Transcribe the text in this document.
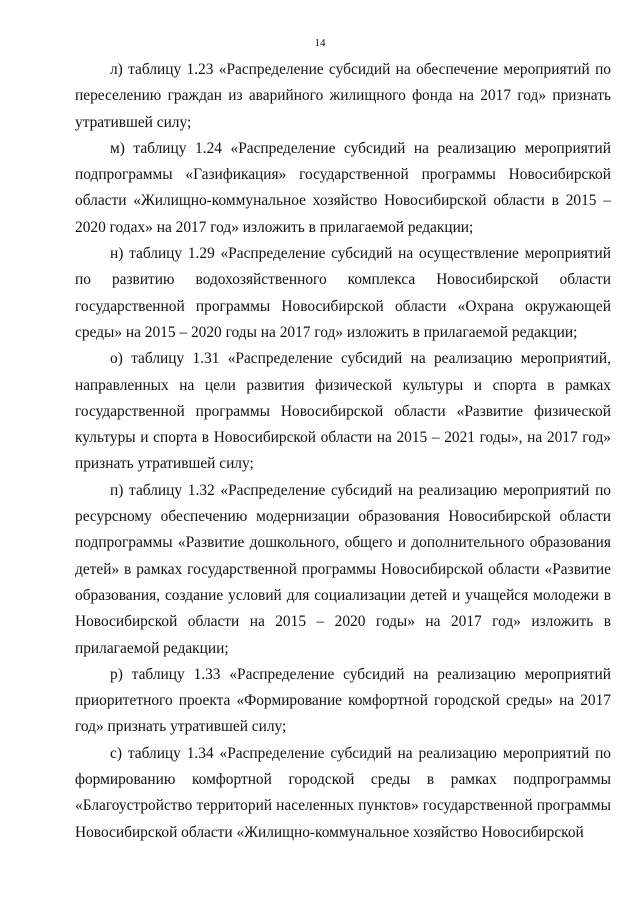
14

л) таблицу 1.23 «Распределение субсидий на обеспечение мероприятий по переселению граждан из аварийного жилищного фонда на 2017 год» признать утратившей силу;

м) таблицу 1.24 «Распределение субсидий на реализацию мероприятий подпрограммы «Газификация» государственной программы Новосибирской области «Жилищно-коммунальное хозяйство Новосибирской области в 2015 – 2020 годах» на 2017 год» изложить в прилагаемой редакции;

н) таблицу 1.29 «Распределение субсидий на осуществление мероприятий по развитию водохозяйственного комплекса Новосибирской области государственной программы Новосибирской области «Охрана окружающей среды» на 2015 – 2020 годы на 2017 год» изложить в прилагаемой редакции;

о) таблицу 1.31 «Распределение субсидий на реализацию мероприятий, направленных на цели развития физической культуры и спорта в рамках государственной программы Новосибирской области «Развитие физической культуры и спорта в Новосибирской области на 2015 – 2021 годы», на 2017 год» признать утратившей силу;

п) таблицу 1.32 «Распределение субсидий на реализацию мероприятий по ресурсному обеспечению модернизации образования Новосибирской области подпрограммы «Развитие дошкольного, общего и дополнительного образования детей» в рамках государственной программы Новосибирской области «Развитие образования, создание условий для социализации детей и учащейся молодежи в Новосибирской области на 2015 – 2020 годы» на 2017 год» изложить в прилагаемой редакции;

р) таблицу 1.33 «Распределение субсидий на реализацию мероприятий приоритетного проекта «Формирование комфортной городской среды» на 2017 год» признать утратившей силу;

с) таблицу 1.34 «Распределение субсидий на реализацию мероприятий по формированию комфортной городской среды в рамках подпрограммы «Благоустройство территорий населенных пунктов» государственной программы Новосибирской области «Жилищно-коммунальное хозяйство Новосибирской
